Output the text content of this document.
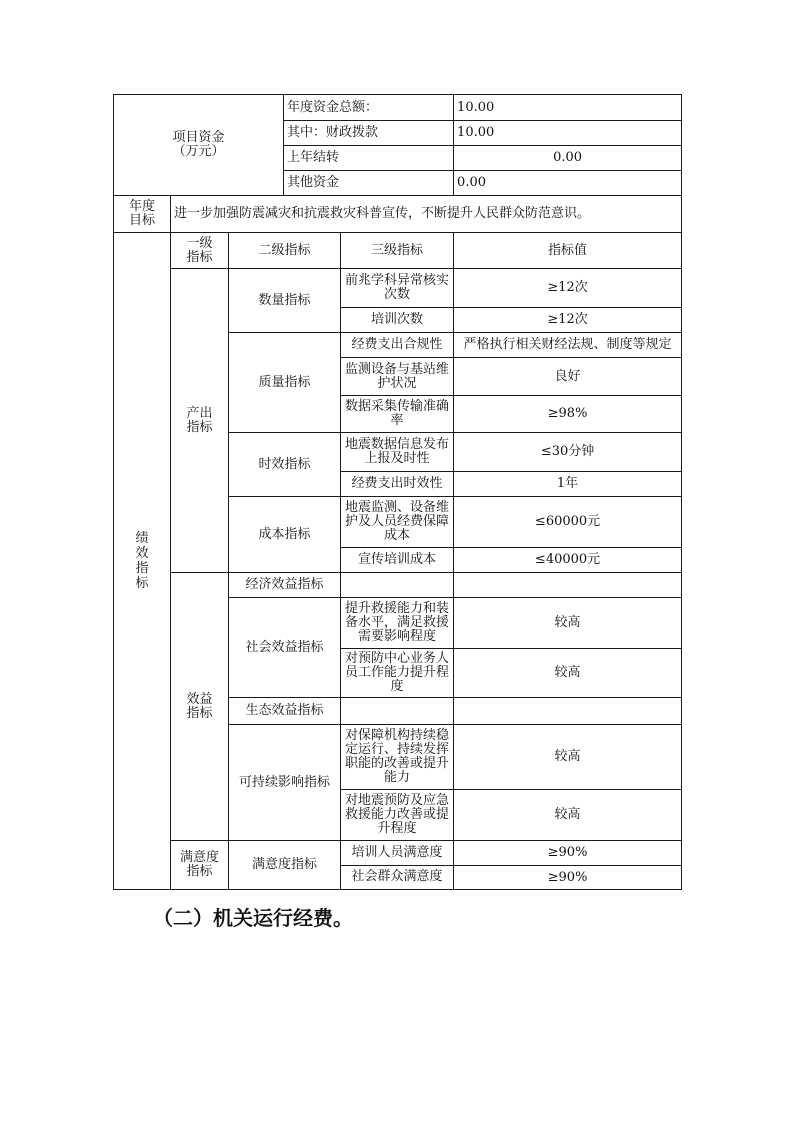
项目资金（万元）			年度资金总额：		10.00
			其中：财政拨款		10.00
			上年结转		0.00
			其他资金		0.00
年度目标	进一步加强防震减灾和抗震救灾科普宣传，不断提升人民群众防范意识。				
绩效指标	一级指标	二级指标		三级指标	指标值
	产出指标	数量指标		前兆学科异常核实次数	≥12次
				培训次数	≥12次
		质量指标		经费支出合规性	严格执行相关财经法规、制度等规定
				监测设备与基站维护状况	良好
				数据采集传输准确率	≥98%
		时效指标		地震数据信息发布上报及时性	≤30分钟
				经费支出时效性	1年
		成本指标		地震监测、设备维护及人员经费保障成本	≤60000元
				宣传培训成本	≤40000元
	效益指标	经济效益指标			
		社会效益指标		提升救援能力和装备水平，满足救援需要影响程度	较高
				对预防中心业务人员工作能力提升程度	较高
		生态效益指标			
		可持续影响指标		对保障机构持续稳定运行、持续发挥职能的改善或提升能力	较高
				对地震预防及应急救援能力改善或提升程度	较高
	满意度指标	满意度指标		培训人员满意度	≥90%
				社会群众满意度	≥90%
（二）机关运行经费。
